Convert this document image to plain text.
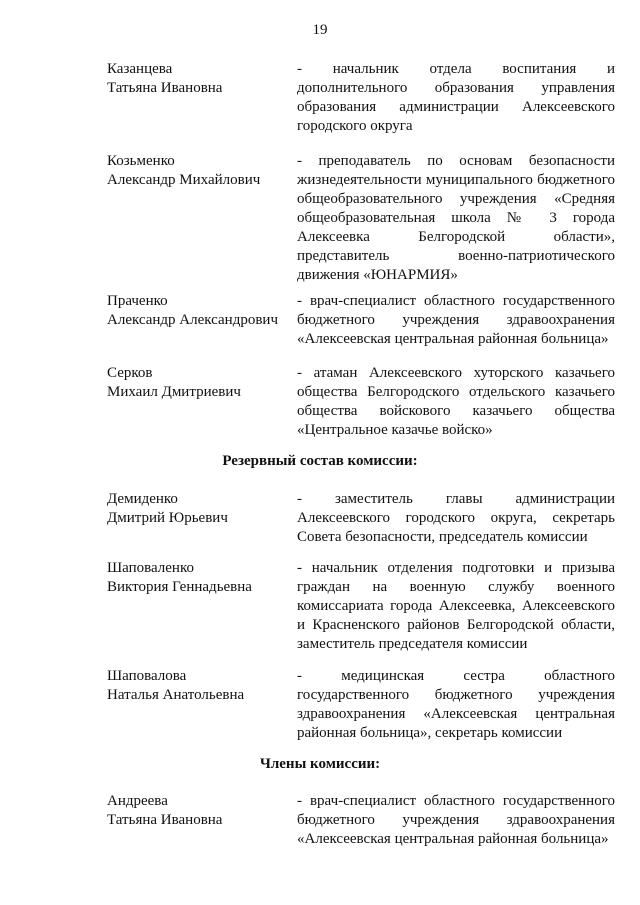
19
Казанцева
Татьяна Ивановна
- начальник отдела воспитания и дополнительного образования управления образования администрации Алексеевского городского округа
Козьменко
Александр Михайлович
- преподаватель по основам безопасности жизнедеятельности муниципального бюджетного общеобразовательного учреждения «Средняя общеобразовательная школа № 3 города Алексеевка Белгородской области», представитель военно-патриотического движения «ЮНАРМИЯ»
Праченко
Александр Александрович
- врач-специалист областного государственного бюджетного учреждения здравоохранения «Алексеевская центральная районная больница»
Серков
Михаил Дмитриевич
- атаман Алексеевского хуторского казачьего общества Белгородского отдельского казачьего общества войскового казачьего общества «Центральное казачье войско»
Резервный состав комиссии:
Демиденко
Дмитрий Юрьевич
- заместитель главы администрации Алексеевского городского округа, секретарь Совета безопасности, председатель комиссии
Шаповаленко
Виктория Геннадьевна
- начальник отделения подготовки и призыва граждан на военную службу военного комиссариата города Алексеевка, Алексеевского и Красненского районов Белгородской области, заместитель председателя комиссии
Шаповалова
Наталья Анатольевна
- медицинская сестра областного государственного бюджетного учреждения здравоохранения «Алексеевская центральная районная больница», секретарь комиссии
Члены комиссии:
Андреева
Татьяна Ивановна
- врач-специалист областного государственного бюджетного учреждения здравоохранения «Алексеевская центральная районная больница»
